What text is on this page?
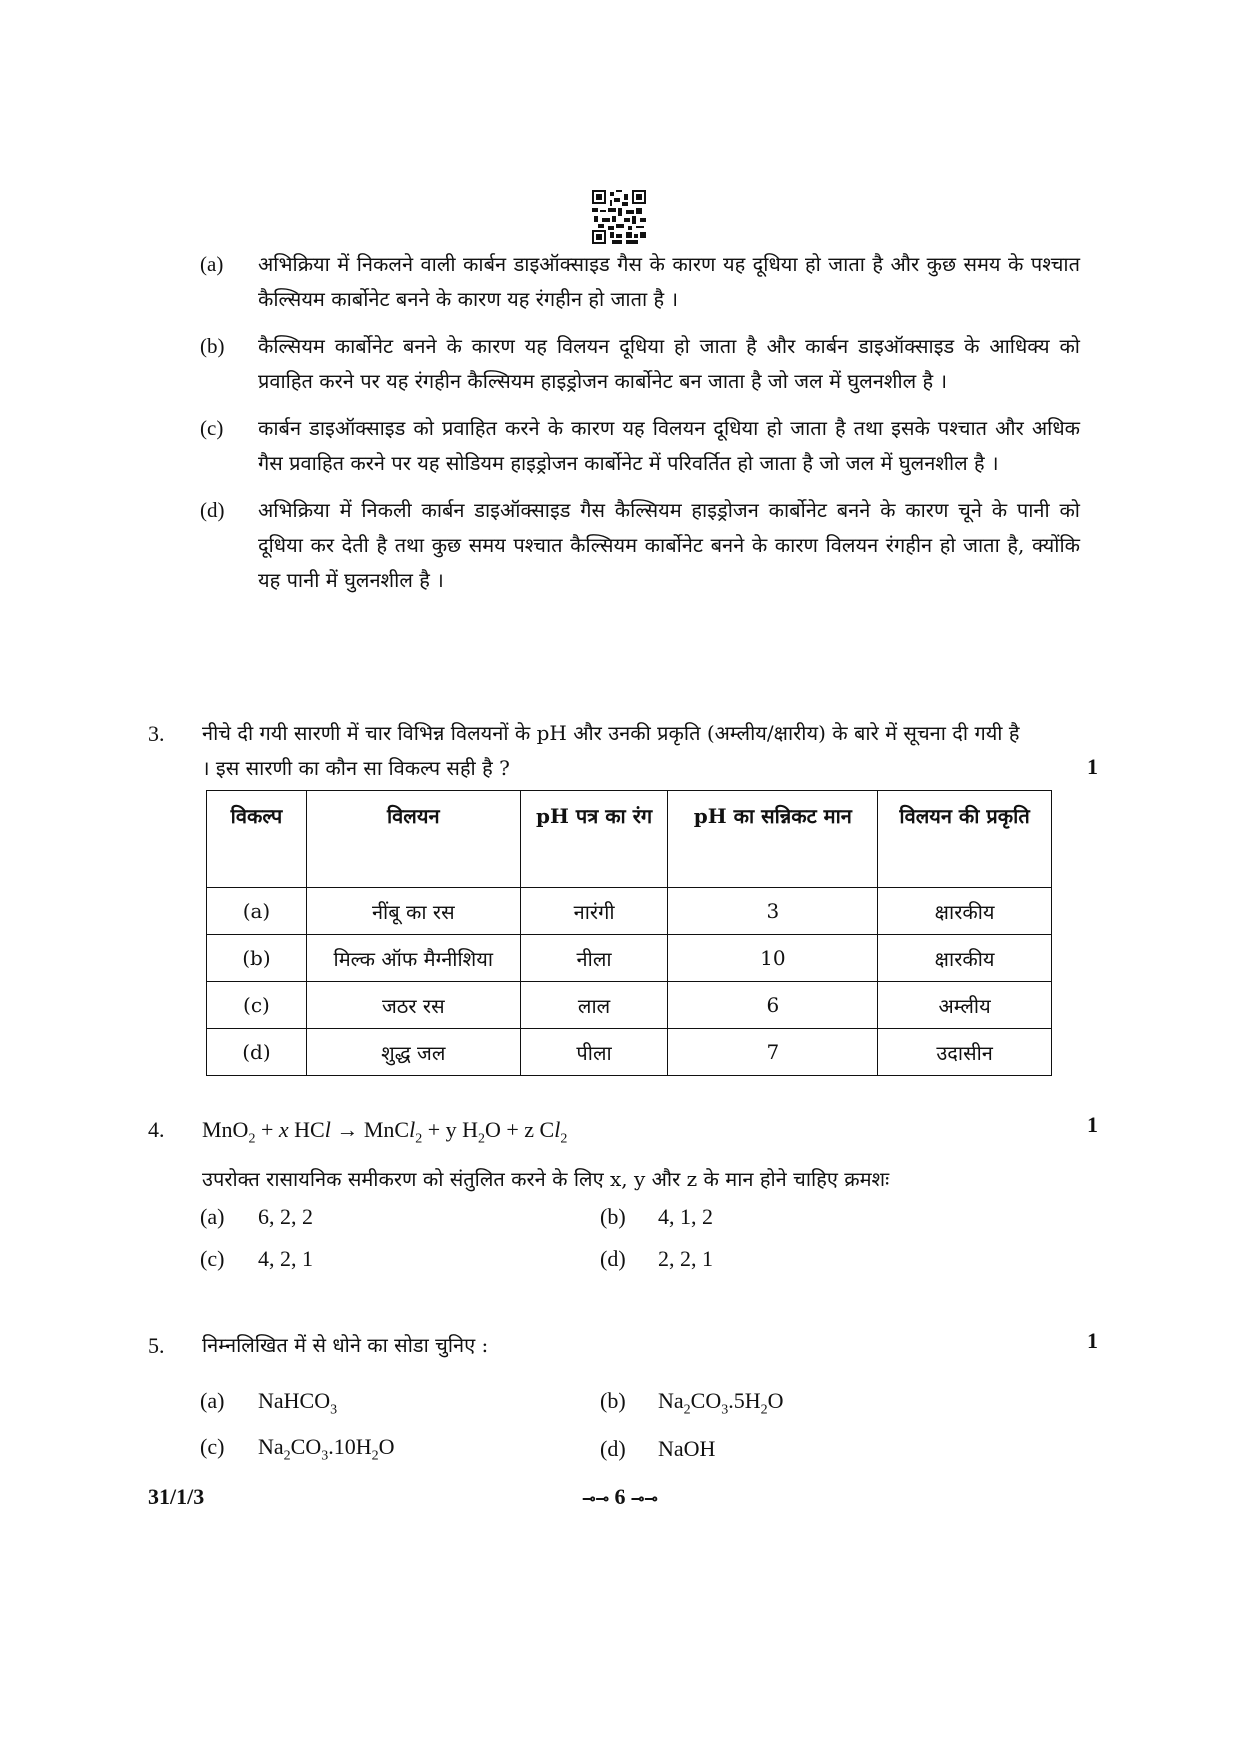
(a)	अभिक्रिया में निकलने वाली कार्बन डाइऑक्साइड गैस के कारण यह दूधिया हो जाता है और कुछ समय के पश्चात कैल्सियम कार्बोनेट बनने के कारण यह रंगहीन हो जाता है ।
(b)	कैल्सियम कार्बोनेट बनने के कारण यह विलयन दूधिया हो जाता है और कार्बन डाइऑक्साइड के आधिक्य को प्रवाहित करने पर यह रंगहीन कैल्सियम हाइड्रोजन कार्बोनेट बन जाता है जो जल में घुलनशील है ।
(c)	कार्बन डाइऑक्साइड को प्रवाहित करने के कारण यह विलयन दूधिया हो जाता है तथा इसके पश्चात और अधिक गैस प्रवाहित करने पर यह सोडियम हाइड्रोजन कार्बोनेट में परिवर्तित हो जाता है जो जल में घुलनशील है ।
(d)	अभिक्रिया में निकली कार्बन डाइऑक्साइड गैस कैल्सियम हाइड्रोजन कार्बोनेट बनने के कारण चूने के पानी को दूधिया कर देती है तथा कुछ समय पश्चात कैल्सियम कार्बोनेट बनने के कारण विलयन रंगहीन हो जाता है, क्योंकि यह पानी में घुलनशील है ।
3.	नीचे दी गयी सारणी में चार विभिन्न विलयनों के pH और उनकी प्रकृति (अम्लीय/क्षारीय) के बारे में सूचना दी गयी है । इस सारणी का कौन सा विकल्प सही है ?	1
विकल्प	विलयन	pH पत्र का रंग	pH का सन्निकट मान	विलयन की प्रकृति
(a)	नींबू का रस	नारंगी	3	क्षारकीय
(b)	मिल्क ऑफ मैग्नीशिया	नीला	10	क्षारकीय
(c)	जठर रस	लाल	6	अम्लीय
(d)	शुद्ध जल	पीला	7	उदासीन
4.	MnO$_2$ + x HCl → MnCl$_2$ + y $H_2O + z$ $Cl_2$
1
उपरोक्त रासायनिक समीकरण को संतुलित करने के लिए x, y और z के मान होने चाहिए क्रमशः
(a)	6, 2, 2	(b)	4, 1, 2
(c)	4, 2, 1	(d)	2, 2, 1
5.	निम्नलिखित में से धोने का सोडा चुनिए :	1
(a)	NaHCO$_3$	(b)	$Na_2CO_3.5H_2O$
(c)	$Na_2CO_3.10H_2O$	(d)	NaOH
31/1/3	⊸⊸ 6 ⊸⊸
